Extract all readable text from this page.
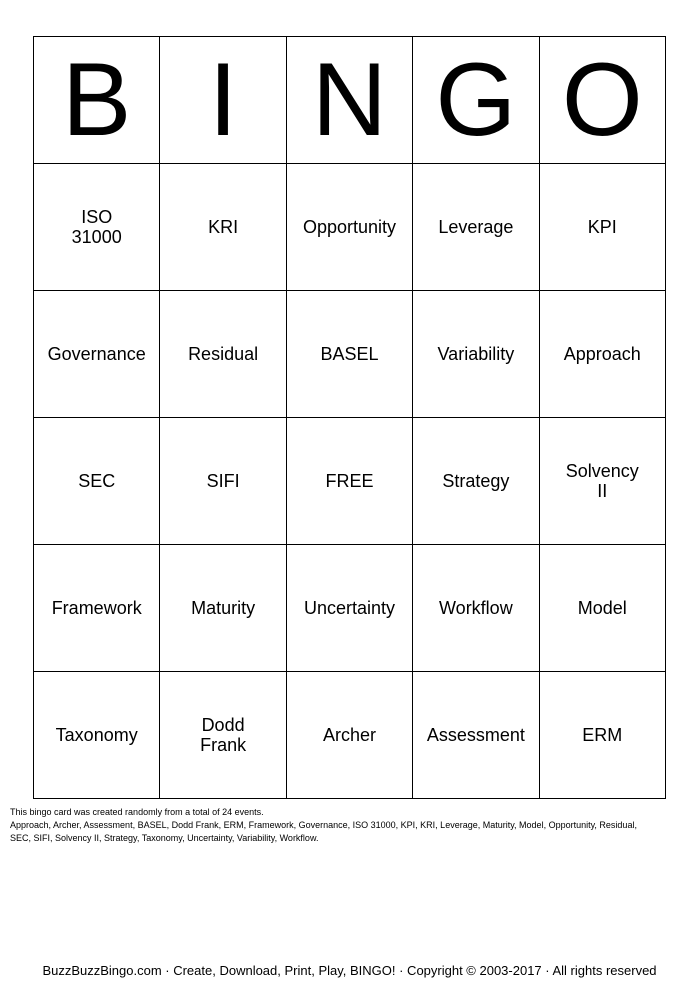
B	I	N	G	O

ISO
31000	KRI	Opportunity	Leverage	KPI

Governance	Residual	BASEL	Variability	Approach

SEC	SIFI	FREE	Strategy	Solvency
II

Framework	Maturity	Uncertainty	Workflow	Model

Taxonomy	Dodd
Frank	Archer	Assessment	ERM
This bingo card was created randomly from a total of 24 events.
Approach, Archer, Assessment, BASEL, Dodd Frank, ERM, Framework, Governance, ISO 31000, KPI, KRI, Leverage, Maturity, Model, Opportunity, Residual,
SEC, SIFI, Solvency II, Strategy, Taxonomy, Uncertainty, Variability, Workflow.
BuzzBuzzBingo.com · Create, Download, Print, Play, BINGO! · Copyright © 2003-2017 · All rights reserved
